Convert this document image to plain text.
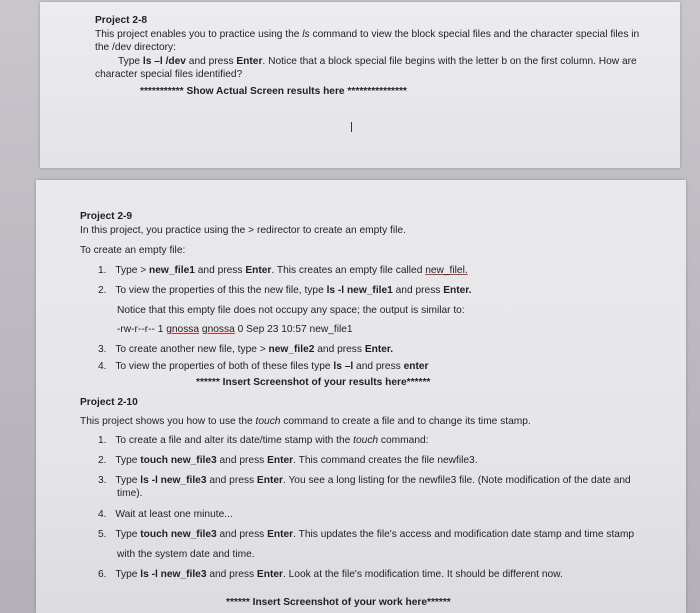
Project 2-8
This project enables you to practice using the ls command to view the block special files and the character special files in
the /dev directory:
Type ls –l /dev and press Enter. Notice that a block special file begins with the letter b on the first column. How are
character special files identified?
*********** Show Actual Screen results here ***************
Project 2-9
In this project, you practice using the > redirector to create an empty file.
To create an empty file:
1. Type > new_file1 and press Enter. This creates an empty file called new_filel.
2. To view the properties of this the new file, type ls -l new_file1 and press Enter.
Notice that this empty file does not occupy any space; the output is similar to:
-rw-r--r-- 1 gnossa gnossa 0 Sep 23 10:57 new_file1
3. To create another new file, type > new_file2 and press Enter.
4. To view the properties of both of these files type ls –l and press enter
****** Insert Screenshot of your results here******
Project 2-10
This project shows you how to use the touch command to create a file and to change its time stamp.
1. To create a file and alter its date/time stamp with the touch command:
2. Type touch new_file3 and press Enter. This command creates the file newfile3.
3. Type ls -l new_file3 and press Enter. You see a long listing for the newfile3 file. (Note modification of the date and
time).
4. Wait at least one minute...
5. Type touch new_file3 and press Enter. This updates the file's access and modification date stamp and time stamp
with the system date and time.
6. Type ls -l new_file3 and press Enter. Look at the file's modification time. It should be different now.
****** Insert Screenshot of your work here******
